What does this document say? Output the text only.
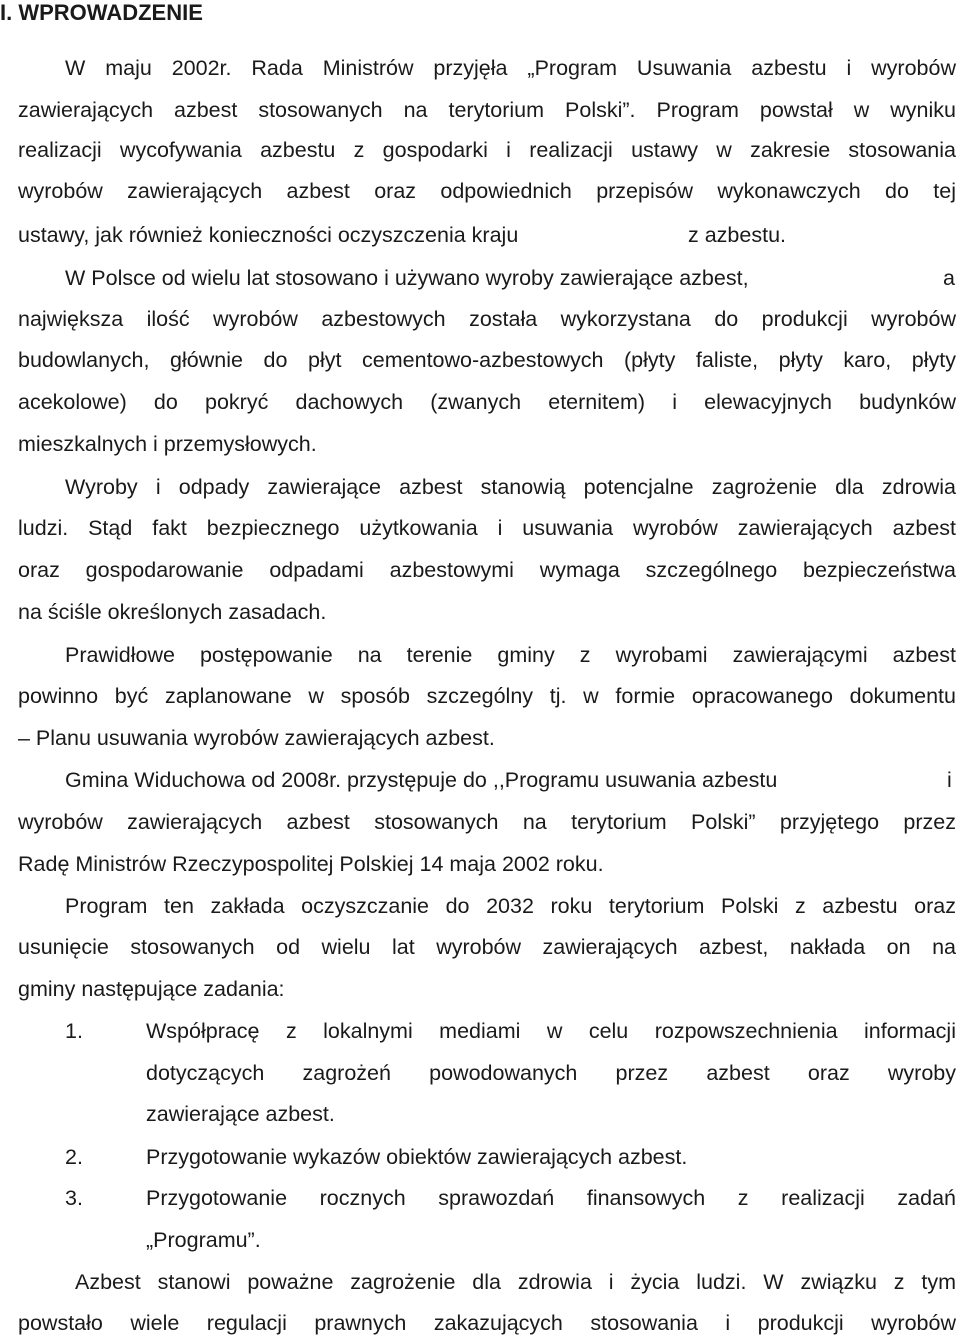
I. WPROWADZENIE
W maju 2002r. Rada Ministrów przyjęła „Program Usuwania azbestu i wyrobów
zawierających azbest stosowanych na terytorium Polski”. Program powstał w wyniku
realizacji wycofywania azbestu z gospodarki i realizacji ustawy w zakresie stosowania
wyrobów zawierających azbest oraz odpowiednich przepisów wykonawczych do tej
ustawy, jak również konieczności oczyszczenia kraju	z azbestu.
W Polsce od wielu lat stosowano i używano wyroby zawierające azbest,	a
największa ilość wyrobów azbestowych została wykorzystana do produkcji wyrobów
budowlanych, głównie do płyt cementowo-azbestowych (płyty faliste, płyty karo, płyty
acekolowe) do pokryć dachowych (zwanych eternitem) i elewacyjnych budynków
mieszkalnych i przemysłowych.
Wyroby i odpady zawierające azbest stanowią potencjalne zagrożenie dla zdrowia
ludzi. Stąd fakt bezpiecznego użytkowania i usuwania wyrobów zawierających azbest
oraz gospodarowanie odpadami azbestowymi wymaga szczególnego bezpieczeństwa
na ściśle określonych zasadach.
Prawidłowe postępowanie na terenie gminy z wyrobami zawierającymi azbest
powinno być zaplanowane w sposób szczególny tj. w formie opracowanego dokumentu
– Planu usuwania wyrobów zawierających azbest.
Gmina Widuchowa od 2008r. przystępuje do ,,Programu usuwania azbestu	i
wyrobów zawierających azbest stosowanych na terytorium Polski” przyjętego przez
Radę Ministrów Rzeczypospolitej Polskiej 14 maja 2002 roku.
Program ten zakłada oczyszczanie do 2032 roku terytorium Polski z azbestu oraz
usunięcie stosowanych od wielu lat wyrobów zawierających azbest, nakłada on na
gminy następujące zadania:
1.	Współpracę z lokalnymi mediami w celu rozpowszechnienia informacji
dotyczących zagrożeń powodowanych przez azbest oraz wyroby
zawierające azbest.
2.	Przygotowanie wykazów obiektów zawierających azbest.
3.	Przygotowanie rocznych sprawozdań finansowych z realizacji zadań
„Programu”.
Azbest stanowi poważne zagrożenie dla zdrowia i życia ludzi. W związku z tym
powstało wiele regulacji prawnych zakazujących stosowania i produkcji wyrobów
